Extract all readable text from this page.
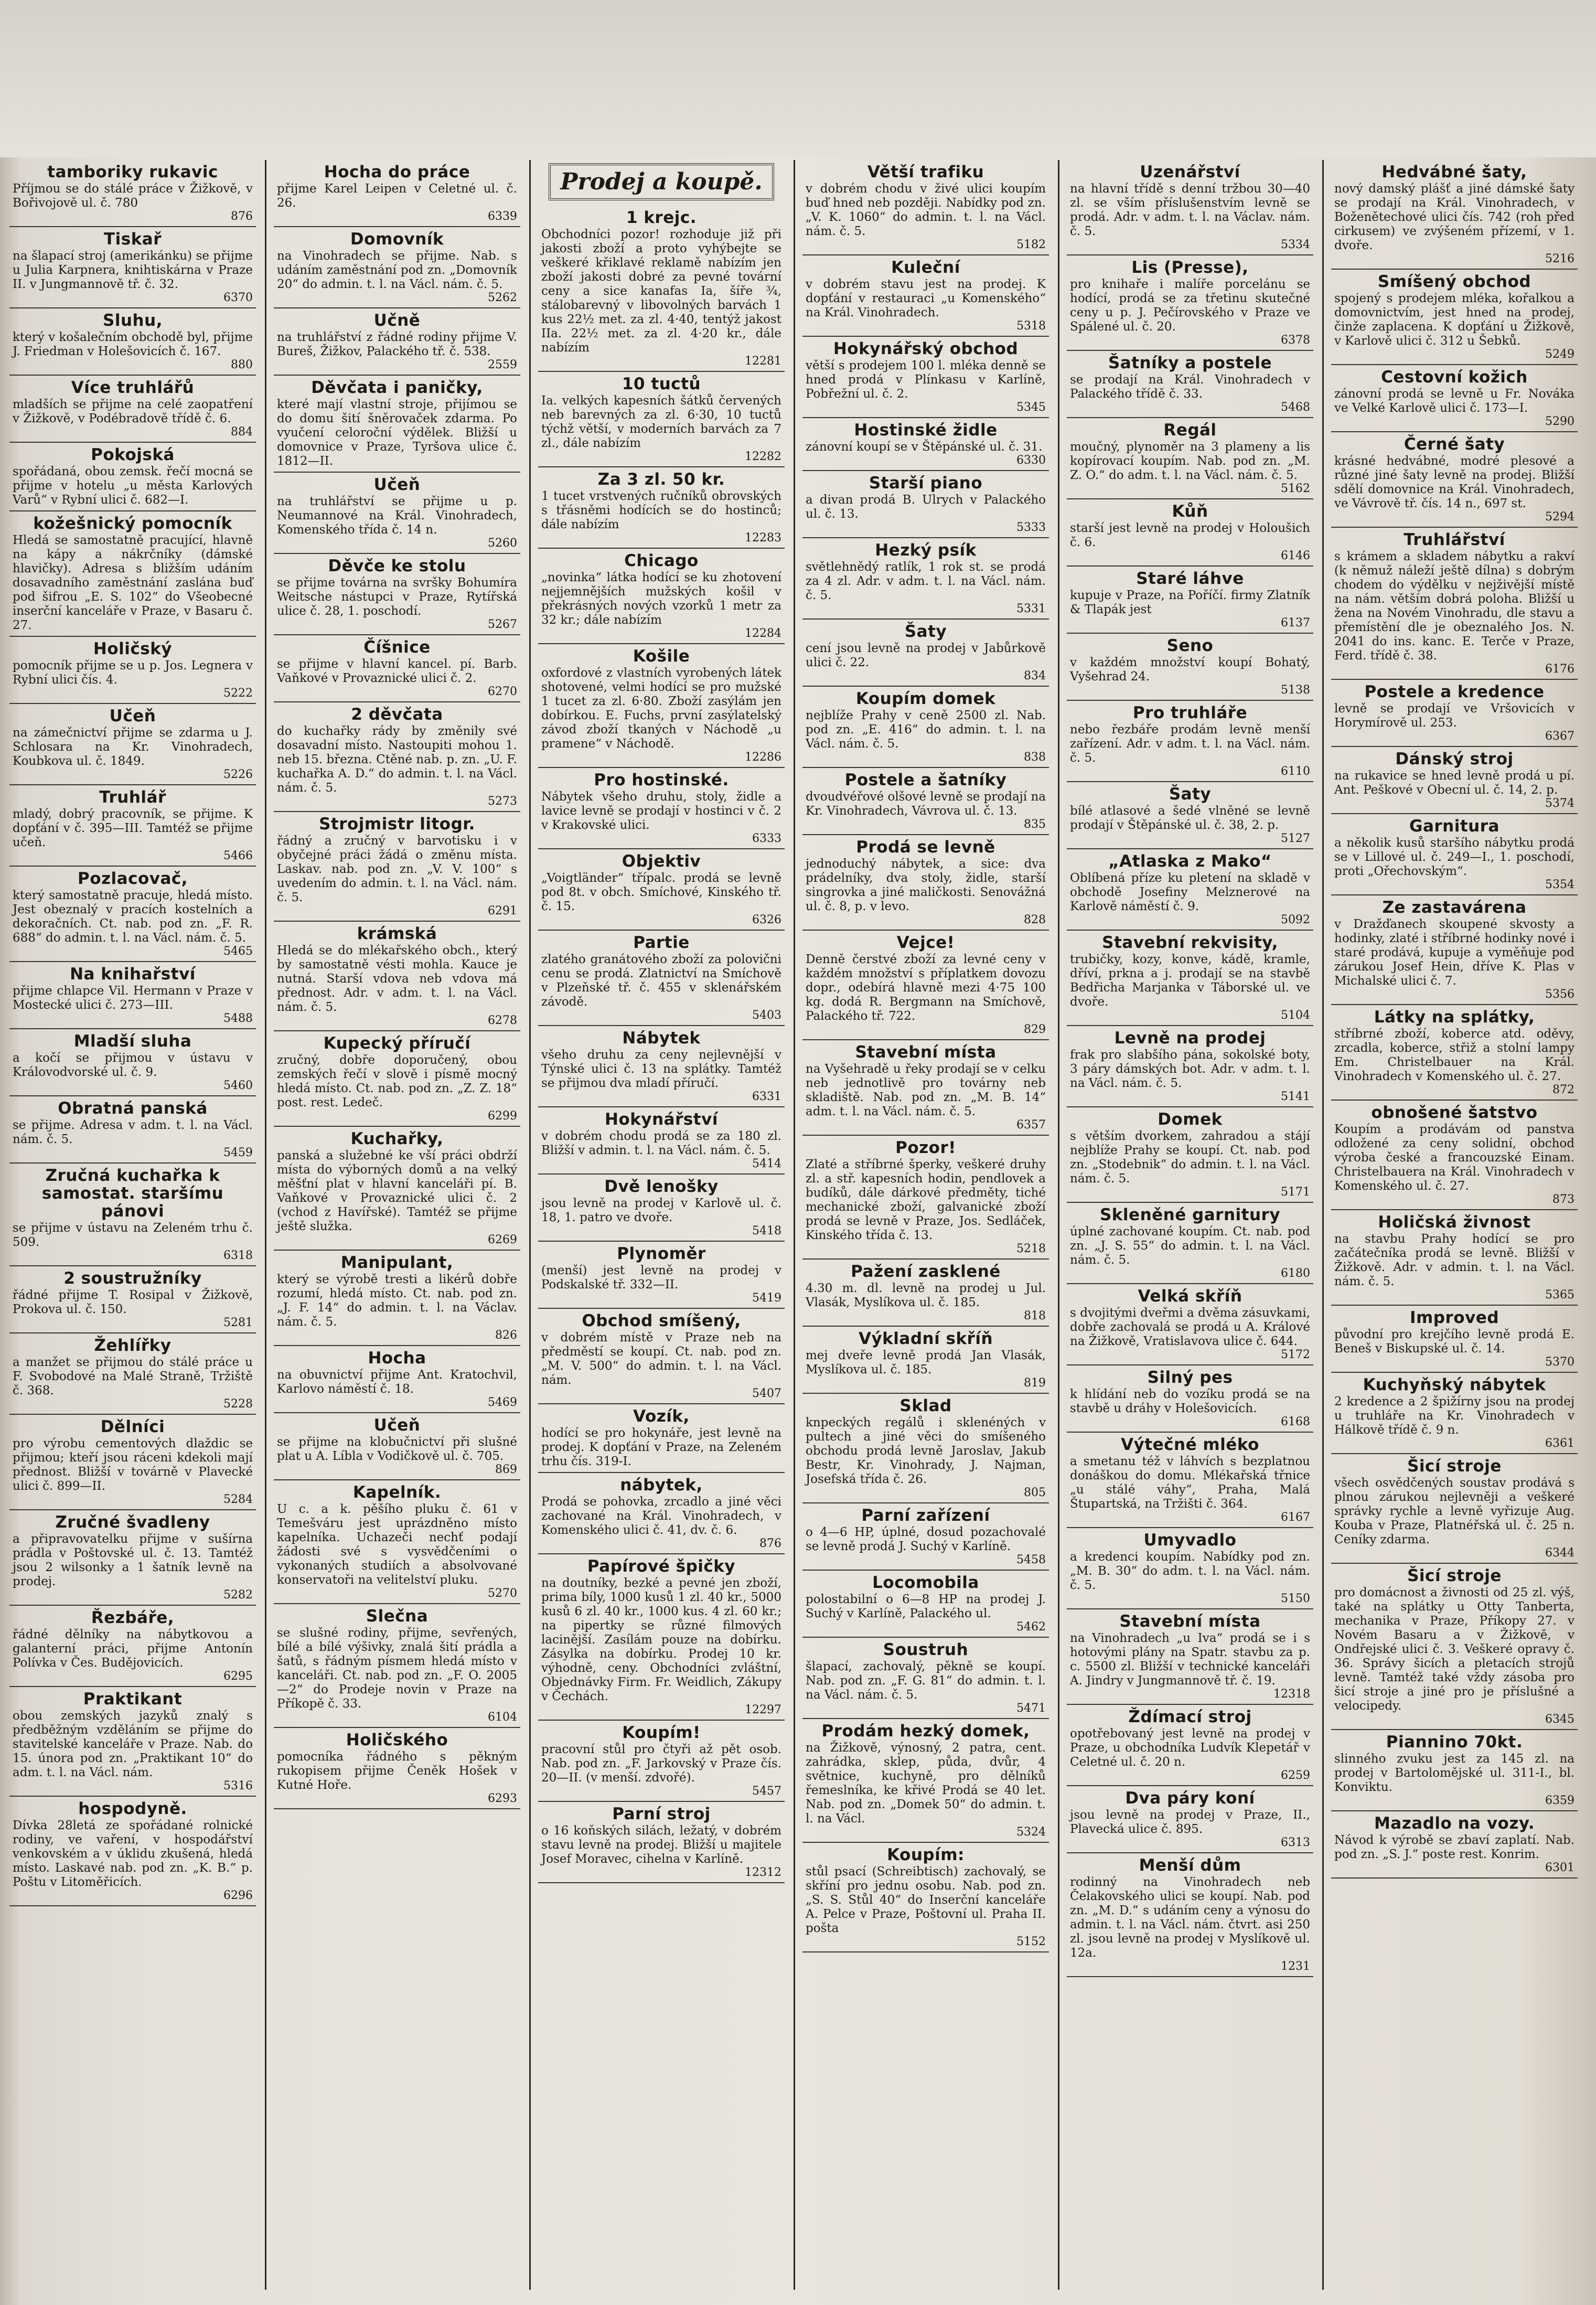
tamboriky rukavic

Příjmou se do stálé práce v Žižkově, v Bořivojově ul. č. 780

876
Tiskař

na šlapací stroj (amerikánku) se přijme u Julia Karpnera, knihtiskárna v Praze II. v Jungmannově tř. č. 32.

6370
Sluhu,

který v košalečním obchodě byl, přijme J. Friedman v Holešovicích č. 167.

880
Více truhlářů

mladších se přijme na celé zaopatření v Žižkově, v Podébradově třídě č. 6.

884
Pokojská

spořádaná, obou zemsk. řečí mocná se přijme v hotelu „u města Karlových Varů“ v Rybní ulici č. 682—I.

kožešnický pomocník

Hledá se samostatně pracující, hlavně na kápy a nákrčníky (dámské hlavičky). Adresa s bližším udáním dosavadního zaměstnání zaslána buď pod šifrou „E. S. 102“ do Všeobecné inserční kanceláře v Praze, v Basaru č. 27.

Holičský

pomocník přijme se u p. Jos. Legnera v Rybní ulici čís. 4.

5222
Učeň

na zámečnictví přijme se zdarma u J. Schlosara na Kr. Vinohradech, Koubkova ul. č. 1849.

5226
Truhlář

mladý, dobrý pracovník, se přijme. K dopťání v č. 395—III. Tamtéž se přijme učeň.

5466
Pozlacovač,

který samostatně pracuje, hledá místo. Jest obeznalý v pracích kostelních a dekoračních. Ct. nab. pod zn. „F. R. 688“ do admin. t. l. na Václ. nám. č. 5.

5465
Na knihařství

přijme chlapce Vil. Hermann v Praze v Mostecké ulici č. 273—III.

5488
Mladší sluha

a kočí se přijmou v ústavu v Královodvorské ul. č. 9.

5460
Obratná panská

se přijme. Adresa v adm. t. l. na Václ. nám. č. 5.

5459
Zručná kuchařka k samostat. staršímu pánovi

se přijme v ústavu na Zeleném trhu č. 509.

6318
2 soustružníky

řádné přijme T. Rosipal v Žižkově, Prokova ul. č. 150.

5281
Žehlířky

a manžet se přijmou do stálé práce u F. Svobodové na Malé Straně, Tržiště č. 368.

5228
Dělníci

pro výrobu cementových dlaždic se přijmou; kteří jsou ráceni kdekoli mají přednost. Bližší v továrně v Plavecké ulici č. 899—II.

5284
Zručné švadleny

a připravovatelku přijme v sušírna prádla v Poštovské ul. č. 13. Tamtéž jsou 2 wilsonky a 1 šatník levně na prodej.

5282
Řezbáře,

řádné dělníky na nábytkovou a galanterní práci, přijme Antonín Polívka v Čes. Budějovicích.

6295
Praktikant

obou zemských jazyků znalý s předběžným vzděláním se přijme do stavitelské kanceláře v Praze. Nab. do 15. února pod zn. „Praktikant 10“ do adm. t. l. na Václ. nám.

5316
hospodyně.

Dívka 28letá ze spořádané rolnické rodiny, ve vaření, v hospodářství venkovském a v úklidu zkušená, hledá místo. Laskavé nab. pod zn. „K. B.“ p. Poštu v Litoměřicích.

6296
Hocha do práce

přijme Karel Leipen v Celetné ul. č. 26.

6339
Domovník

na Vinohradech se přijme. Nab. s udáním zaměstnání pod zn. „Domovník 20“ do admin. t. l. na Václ. nám. č. 5.

5262
Učně

na truhlářství z řádné rodiny přijme V. Bureš, Žižkov, Palackého tř. č. 538.

2559
Děvčata i paničky,

které mají vlastní stroje, přijímou se do domu šití šněrovaček zdarma. Po vyučení celoroční výdělek. Bližší u domovnice v Praze, Tyršova ulice č. 1812—II.

Učeň

na truhlářství se přijme u p. Neumannové na Král. Vinohradech, Komenského třída č. 14 n.

5260
Děvče ke stolu

se přijme továrna na svršky Bohumíra Weitsche nástupci v Praze, Rytířská ulice č. 28, 1. poschodí.

5267
Číšnice

se přijme v hlavní kancel. pí. Barb. Vaňkové v Provaznické ulici č. 2.

6270
2 děvčata

do kuchařky rády by změnily své dosavadní místo. Nastoupiti mohou 1. neb 15. března. Ctěné nab. p. zn. „U. F. kuchařka A. D.“ do admin. t. l. na Václ. nám. č. 5.

5273
Strojmistr litogr.

řádný a zručný v barvotisku i v obyčejné práci žádá o změnu místa. Laskav. nab. pod zn. „V. V. 100“ s uvedením do admin. t. l. na Václ. nám. č. 5.

6291
krámská

Hledá se do mlékařského obch., který by samostatně vésti mohla. Kauce je nutná. Starší vdova neb vdova má přednost. Adr. v adm. t. l. na Václ. nám. č. 5.

6278
Kupecký příručí

zručný, dobře doporučený, obou zemských řečí v slově i písmě mocný hledá místo. Ct. nab. pod zn. „Z. Z. 18“ post. rest. Ledeč.

6299
Kuchařky,

panská a služebné ke vší práci obdrží místa do výborných domů a na velký měšťní plat v hlavní kanceláři pí. B. Vaňkové v Provaznické ulici č. 2 (vchod z Havířské). Tamtéž se přijme ještě služka.

6269
Manipulant,

který se výrobě tresti a likérů dobře rozumí, hledá místo. Ct. nab. pod zn. „J. F. 14“ do admin. t. l. na Václav. nám. č. 5.

826
Hocha

na obuvnictví přijme Ant. Kratochvil, Karlovo náměstí č. 18.

5469
Učeň

se přijme na klobučnictví při slušné plat u A. Líbla v Vodičkově ul. č. 705.

869
Kapelník.

U c. a k. pěšího pluku č. 61 v Temešváru jest uprázdněno místo kapelníka. Uchazeči nechť podají žádosti své s vysvědčeními o vykonaných studiích a absolvované konservatoři na velitelství pluku.

5270
Slečna

se slušné rodiny, přijme, sevřených, bílé a bílé výšivky, znalá šití prádla a šatů, s řádným písmem hledá místo v kanceláři. Ct. nab. pod zn. „F. O. 2005—2“ do Prodeje novin v Praze na Příkopě č. 33.

6104
Holičského

pomocníka řádného s pěkným rukopisem přijme Čeněk Hošek v Kutné Hoře.

6293
Prodej a koupě.
1 krejc.

Obchodníci pozor! rozhoduje již při jakosti zboží a proto vyhýbejte se veškeré křiklavé reklamě nabízím jen zboží jakosti dobré za pevné tovární ceny a sice kanafas Ia, šíře ¾, stálobarevný v libovolných barvách 1 kus 22½ met. za zl. 4·40, tentýž jakost IIa. 22½ met. za zl. 4·20 kr., dále nabízím

12281
10 tuctů

Ia. velkých kapesních šátků červených neb barevných za zl. 6·30, 10 tuctů týchž větší, v moderních barvách za 7 zl., dále nabízím

12282
Za 3 zl. 50 kr.

1 tucet vrstvených ručníků obrovských s třásněmi hodících se do hostinců; dále nabízím

12283
Chicago

„novinka“ látka hodící se ku zhotovení nejjemnějších mužských košil v překrásných nových vzorků 1 metr za 32 kr.; dále nabízím

12284
Košile

oxfordové z vlastních vyrobených látek shotovené, velmi hodící se pro mužské 1 tucet za zl. 6·80. Zboží zasýlám jen dobírkou. E. Fuchs, první zasýlatelský závod zboží tkaných v Náchodě „u pramene“ v Náchodě.

12286
Pro hostinské.

Nábytek všeho druhu, stoly, židle a lavice levně se prodají v hostinci v č. 2 v Krakovské ulici.

6333
Objektiv

„Voigtländer“ třípalc. prodá se levně pod 8t. v obch. Smíchové, Kinského tř. č. 15.

6326
Partie

zlatého granátového zboží za polovični cenu se prodá. Zlatnictví na Smíchově v Plzeňské tř. č. 455 v sklenářském závodě.

5403
Nábytek

všeho druhu za ceny nejlevnější v Týnské ulici č. 13 na splátky. Tamtéž se přijmou dva mladí příručí.

6331
Hokynářství

v dobrém chodu prodá se za 180 zl. Bližší v admin. t. l. na Václ. nám. č. 5.

5414
Dvě lenošky

jsou levně na prodej v Karlově ul. č. 18, 1. patro ve dvoře.

5418
Plynoměr

(menší) jest levně na prodej v Podskalské tř. 332—II.

5419
Obchod smíšený,

v dobrém místě v Praze neb na předměstí se koupí. Ct. nab. pod zn. „M. V. 500“ do admin. t. l. na Václ. nám.

5407
Vozík,

hodící se pro hokynáře, jest levně na prodej. K dopťání v Praze, na Zeleném trhu čís. 319-I.

nábytek,

Prodá se pohovka, zrcadlo a jiné věci zachované na Král. Vinohradech, v Komenského ulici č. 41, dv. č. 6.

876
Papírové špičky

na doutníky, bezké a pevné jen zboží, prima bíly, 1000 kusů 1 zl. 40 kr., 5000 kusů 6 zl. 40 kr., 1000 kus. 4 zl. 60 kr.; na pipertky se různé filmových lacinější. Zasílám pouze na dobírku. Zásylka na dobírku. Prodej 10 kr. výhodně, ceny. Obchodníci zvláštní, Objednávky Firm. Fr. Weidlich, Zákupy v Čechách.

12297
Koupím!

pracovní stůl pro čtyři až pět osob. Nab. pod zn. „F. Jarkovský v Praze čís. 20—II. (v menší. zdvořé).

5457
Parní stroj

o 16 koňských silách, ležatý, v dobrém stavu levně na prodej. Bližší u majitele Josef Moravec, cihelna v Karlíně.

12312
Větší trafiku

v dobrém chodu v živé ulici koupím buď hned neb později. Nabídky pod zn. „V. K. 1060“ do admin. t. l. na Václ. nám. č. 5.

5182
Kuleční

v dobrém stavu jest na prodej. K dopťání v restauraci „u Komenského“ na Král. Vinohradech.

5318
Hokynářský obchod

větší s prodejem 100 l. mléka denně se hned prodá v Plínkasu v Karlíně, Pobřežní ul. č. 2.

5345
Hostinské židle

zánovní koupí se v Štěpánské ul. č. 31.

6330
Starší piano

a divan prodá B. Ulrych v Palackého ul. č. 13.

5333
Hezký psík

světlehnědý ratlík, 1 rok st. se prodá za 4 zl. Adr. v adm. t. l. na Václ. nám. č. 5.

5331
Šaty

cení jsou levně na prodej v Jabůrkově ulici č. 22.

834
Koupím domek

nejblíže Prahy v ceně 2500 zl. Nab. pod zn. „E. 416“ do admin. t. l. na Václ. nám. č. 5.

838
Postele a šatníky

dvoudvéřové olšové levně se prodají na Kr. Vinohradech, Vávrova ul. č. 13.

835
Prodá se levně

jednoduchý nábytek, a sice: dva prádelníky, dva stoly, židle, starší singrovka a jiné maličkosti. Senovážná ul. č. 8, p. v levo.

828
Vejce!

Denně čerstvé zboží za levné ceny v každém množství s příplatkem dovozu dopr., odebírá hlavně mezi 4·75 100 kg. dodá R. Bergmann na Smíchově, Palackého tř. 722.

829
Stavební místa

na Vyšehradě u řeky prodají se v celku neb jednotlivě pro továrny neb skladiště. Nab. pod zn. „M. B. 14“ adm. t. l. na Václ. nám. č. 5.

6357
Pozor!

Zlaté a stříbrné šperky, veškeré druhy zl. a stř. kapesních hodin, pendlovek a budíků, dále dárkové předměty, tiché mechanické zboží, galvanické zboží prodá se levně v Praze, Jos. Sedláček, Kinského třída č. 13.

5218
Pažení zasklené

4.30 m. dl. levně na prodej u Jul. Vlasák, Myslíkova ul. č. 185.

818
Výkladní skříň

mej dveře levně prodá Jan Vlasák, Myslíkova ul. č. 185.

819
Sklad

knpeckých regálů i sklenéných v pultech a jiné věci do smíšeného obchodu prodá levně Jaroslav, Jakub Bestr, Kr. Vinohrady, J. Najman, Josefská třída č. 26.

805
Parní zařízení

o 4—6 HP, úplné, dosud pozachovalé se levně prodá J. Suchý v Karlíně.

5458
Locomobila

polostabilní o 6—8 HP na prodej J. Suchý v Karlíně, Palackého ul.

5462
Soustruh

šlapací, zachovalý, pěkně se koupí. Nab. pod zn. „F. G. 81“ do admin. t. l. na Václ. nám. č. 5.

5471
Prodám hezký domek,

na Žižkově, výnosný, 2 patra, cent. zahrádka, sklep, půda, dvůr, 4 světnice, kuchyně, pro dělníků řemeslníka, ke křivé Prodá se 40 let. Nab. pod zn. „Domek 50“ do admin. t. l. na Václ.

5324
Koupím:

stůl psací (Schreibtisch) zachovalý, se skříní pro jednu osobu. Nab. pod zn. „S. S. Stůl 40“ do Inserční kanceláře A. Pelce v Praze, Poštovní ul. Praha II. pošta

5152
Uzenářství

na hlavní třídě s denní tržbou 30—40 zl. se vším příslušenstvím levně se prodá. Adr. v adm. t. l. na Václav. nám. č. 5.

5334
Lis (Presse),

pro knihaře i malíře porcelánu se hodící, prodá se za třetinu skutečné ceny u p. J. Pečírovského v Praze ve Spálené ul. č. 20.

6378
Šatníky a postele

se prodají na Král. Vinohradech v Palackého třídě č. 33.

5468
Regál

moučný, plynoměr na 3 plameny a lis kopírovací koupím. Nab. pod zn. „M. Z. O.“ do adm. t. l. na Václ. nám. č. 5.

5162
Kůň

starší jest levně na prodej v Holoušich č. 6.

6146
Staré láhve

kupuje v Praze, na Poříčí. firmy Zlatník & Tlapák jest

6137
Seno

v každém množství koupí Bohatý, Vyšehrad 24.

5138
Pro truhláře

nebo řezbáře prodám levně menší zařízení. Adr. v adm. t. l. na Václ. nám. č. 5.

6110
Šaty

bílé atlasové a šedé vlněné se levně prodají v Štěpánské ul. č. 38, 2. p.

5127
„Atlaska z Mako“

Oblíbená příze ku pletení na skladě v obchodě Josefiny Melznerové na Karlově náměstí č. 9.

5092
Stavební rekvisity,

trubičky, kozy, konve, kádě, kramle, dříví, prkna a j. prodají se na stavbě Bedřicha Marjanka v Táborské ul. ve dvoře.

5104
Levně na prodej

frak pro slabšího pána, sokolské boty, 3 páry dámských bot. Adr. v adm. t. l. na Václ. nám. č. 5.

5141
Domek

s větším dvorkem, zahradou a stájí nejblíže Prahy se koupí. Ct. nab. pod zn. „Stodebnik“ do admin. t. l. na Václ. nám. č. 5.

5171
Skleněné garnitury

úplné zachované koupím. Ct. nab. pod zn. „J. S. 55“ do admin. t. l. na Václ. nám. č. 5.

6180
Velká skříň

s dvojitými dveřmi a dvěma zásuvkami, dobře zachovalá se prodá u A. Králové na Žižkově, Vratislavova ulice č. 644.

5172
Silný pes

k hlídání neb do vozíku prodá se na stavbě u dráhy v Holešovicích.

6168
Výtečné mléko

a smetanu též v láhvích s bezplatnou donáškou do domu. Mlékařská třnice „u stálé váhy“, Praha, Malá Štupartská, na Tržišti č. 364.

6167
Umyvadlo

a kredenci koupím. Nabídky pod zn. „M. B. 30“ do adm. t. l. na Václ. nám. č. 5.

5150
Stavební místa

na Vinohradech „u Iva“ prodá se i s hotovými plány na Spatr. stavbu za p. c. 5500 zl. Bližší v technické kanceláři A. Jindry v Jungmannově tř. č. 19.

12318
Ždímací stroj

opotřebovaný jest levně na prodej v Praze, u obchodníka Ludvík Klepetář v Celetné ul. č. 20 n.

6259
Dva páry koní

jsou levně na prodej v Praze, II., Plavecká ulice č. 895.

6313
Menší dům

rodinný na Vinohradech neb Čelakovského ulici se koupí. Nab. pod zn. „M. D.“ s udáním ceny a výnosu do admin. t. l. na Václ. nám. čtvrt. asi 250 zl. jsou levně na prodej v Myslíkově ul. 12a.

1231
Hedvábné šaty,

nový damský plášť a jiné dámské šaty se prodají na Král. Vinohradech, v Boženětechové ulici čís. 742 (roh před cirkusem) ve zvýšeném přízemí, v 1. dvoře.

5216
Smíšený obchod

spojený s prodejem mléka, kořalkou a domovnictvím, jest hned na prodej, činže zaplacena. K dopťání u Žižkově, v Karlově ulici č. 312 u Šebků.

5249
Cestovní kožich

zánovní prodá se levně u Fr. Nováka ve Velké Karlově ulici č. 173—I.

5290
Černé šaty

krásné hedvábné, modré plesové a různé jiné šaty levně na prodej. Bližší sdělí domovnice na Král. Vinohradech, ve Vávrově tř. čís. 14 n., 697 st.

5294
Truhlářství

s krámem a skladem nábytku a rakví (k němuž náleží ještě dílna) s dobrým chodem do výdělku v nejživější místě na nám. větším dobrá poloha. Bližší u žena na Novém Vinohradu, dle stavu a přemístění dle je obeznalého Jos. N. 2041 do ins. kanc. E. Terče v Praze, Ferd. třídě č. 38.

6176
Postele a kredence

levně se prodají ve Vršovicích v Horymírově ul. 253.

6367
Dánský stroj

na rukavice se hned levně prodá u pí. Ant. Peškové v Obecní ul. č. 14, 2. p.

5374
Garnitura

a několik kusů staršího nábytku prodá se v Lillové ul. č. 249—I., 1. poschodí, proti „Ořechovským“.

5354
Ze zastavárena

v Dražďanech skoupené skvosty a hodinky, zlaté i stříbrné hodinky nové i staré prodává, kupuje a vyměňuje pod zárukou Josef Hein, dříve K. Plas v Michalské ulici č. 7.

5356
Látky na splátky,

stříbrné zboží, koberce atd. oděvy, zrcadla, koberce, střiž a stolní lampy Em. Christelbauer na Král. Vinohradech v Komenského ul. č. 27.

872
obnošené šatstvo

Koupím a prodávám od panstva odložené za ceny solidní, obchod výroba české a francouzské Einam. Christelbauera na Král. Vinohradech v Komenského ul. č. 27.

873
Holičská živnost

na stavbu Prahy hodící se pro začátečníka prodá se levně. Bližší v Žižkově. Adr. v admin. t. l. na Václ. nám. č. 5.

5365
Improved

původní pro krejčího levně prodá E. Beneš v Biskupské ul. č. 14.

5370
Kuchyňský nábytek

2 kredence a 2 špižírny jsou na prodej u truhláře na Kr. Vinohradech v Hálkově třídě č. 9 n.

6361
Šicí stroje

všech osvědčených soustav prodává s plnou zárukou nejlevněji a veškeré správky rychle a levně vyřizuje Aug. Kouba v Praze, Platnéřská ul. č. 25 n. Ceníky zdarma.

6344
Šicí stroje

pro domácnost a živnosti od 25 zl. výš, také na splátky u Otty Tanberta, mechanika v Praze, Příkopy 27. v Novém Basaru a v Žižkově, v Ondřejské ulici č. 3. Veškeré opravy č. 36. Správy šicích a pletacích strojů levně. Tamtéž také vždy zásoba pro šicí stroje a jiné pro je příslušné a velocipedy.

6345
Piannino 70kt.

slinného zvuku jest za 145 zl. na prodej v Bartolomějské ul. 311-I., bl. Konviktu.

6359
Mazadlo na vozy.

Návod k výrobě se zbaví zaplatí. Nab. pod zn. „S. J.“ poste rest. Konrim.

6301
